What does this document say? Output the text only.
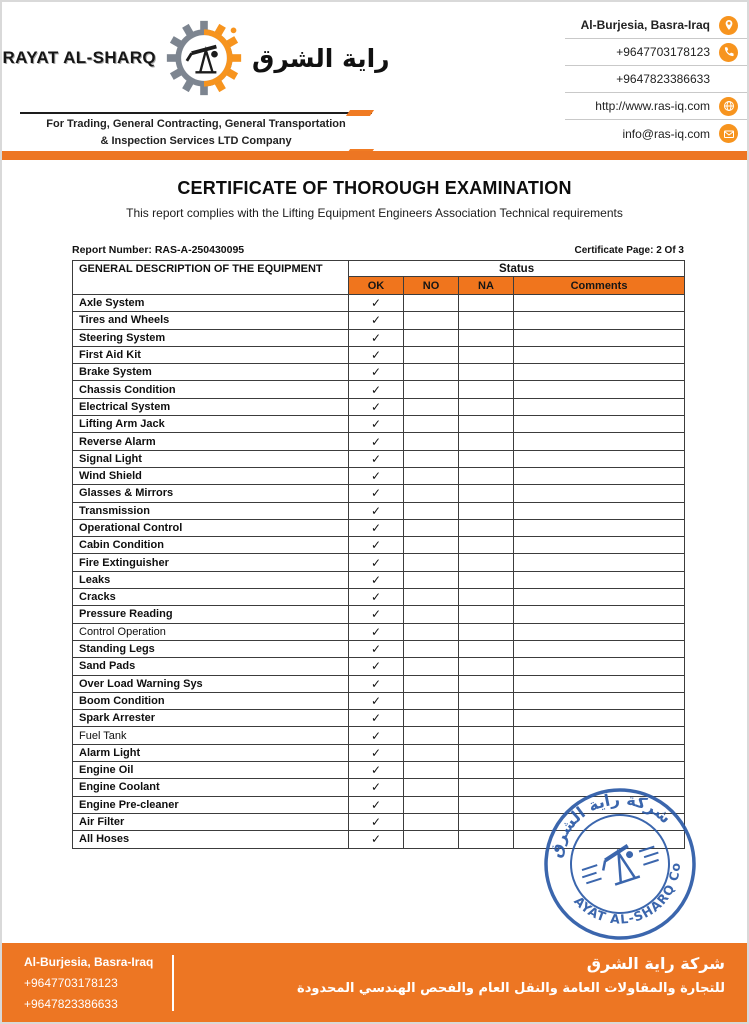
RAYAT AL-SHARQ	راية الشرق
For Trading, General Contracting, General Transportation
& Inspection Services LTD Company
Al-Burjesia, Basra-Iraq
+9647703178123
+9647823386633
http://www.ras-iq.com
info@ras-iq.com
CERTIFICATE OF THOROUGH EXAMINATION
This report complies with the Lifting Equipment Engineers Association Technical requirements
Report Number: RAS-A-250430095	Certificate Page: 2 Of 3
GENERAL DESCRIPTION OF THE EQUIPMENT	Status			
	OK	NO	NA	Comments
Axle System	✓			
Tires and Wheels	✓			
Steering System	✓			
First Aid Kit	✓			
Brake System	✓			
Chassis Condition	✓			
Electrical System	✓			
Lifting Arm Jack	✓			
Reverse Alarm	✓			
Signal Light	✓			
Wind Shield	✓			
Glasses & Mirrors	✓			
Transmission	✓			
Operational Control	✓			
Cabin Condition	✓			
Fire Extinguisher	✓			
Leaks	✓			
Cracks	✓			
Pressure Reading	✓			
Control Operation	✓			
Standing Legs	✓			
Sand Pads	✓			
Over Load Warning Sys	✓			
Boom Condition	✓			
Spark Arrester	✓			
Fuel Tank	✓			
Alarm Light	✓			
Engine Oil	✓			
Engine Coolant	✓			
Engine Pre-cleaner	✓			
Air Filter	✓			
All Hoses	✓			
شركة راية الشرق
RAYAT AL-SHARQ Co.
Al-Burjesia, Basra-Iraq
+9647703178123
+9647823386633
شركة راية الشرق
للتجارة والمقاولات العامة والنقل العام والفحص الهندسي المحدودة
